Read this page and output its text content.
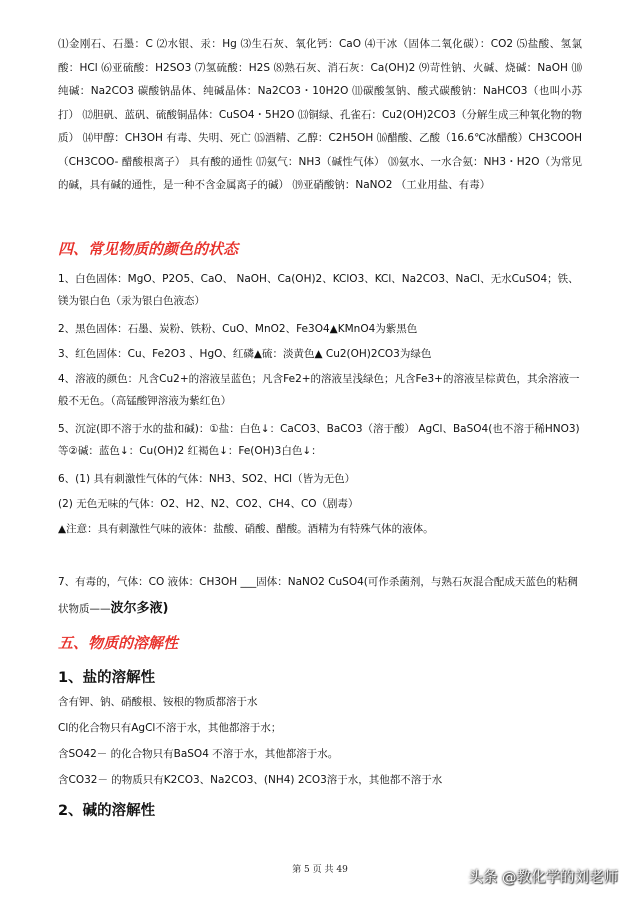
⑴金刚石、石墨：C ⑵水银、汞：Hg ⑶生石灰、氧化钙：CaO ⑷干冰（固体二氧化碳）：CO2 ⑸盐酸、氢氯酸：HCl ⑹亚硫酸：H2SO3 ⑺氢硫酸：H2S ⑻熟石灰、消石灰：Ca(OH)2 ⑼苛性钠、火碱、烧碱：NaOH ⑽纯碱：Na2CO3 碳酸钠晶体、纯碱晶体：Na2CO3・10H2O ⑾碳酸氢钠、酸式碳酸钠：NaHCO3（也叫小苏打） ⑿胆矾、蓝矾、硫酸铜晶体：CuSO4・5H2O ⒀铜绿、孔雀石：Cu2(OH)2CO3（分解生成三种氧化物的物质） ⒁甲醇：CH3OH 有毒、失明、死亡 ⒂酒精、乙醇：C2H5OH ⒃醋酸、乙酸（16.6℃冰醋酸）CH3COOH（CH3COO- 醋酸根离子） 具有酸的通性 ⒄氨气：NH3（碱性气体） ⒅氨水、一水合氨：NH3・H2O（为常见的碱，具有碱的通性，是一种不含金属离子的碱） ⒆亚硝酸钠：NaNO2 （工业用盐、有毒）
四、常见物质的颜色的状态
1、白色固体：MgO、P2O5、CaO、 NaOH、Ca(OH)2、KClO3、KCl、Na2CO3、NaCl、无水CuSO4；铁、镁为银白色（汞为银白色液态）
2、黑色固体：石墨、炭粉、铁粉、CuO、MnO2、Fe3O4▲KMnO4为紫黑色
3、红色固体：Cu、Fe2O3 、HgO、红磷▲硫：淡黄色▲ Cu2(OH)2CO3为绿色
4、溶液的颜色：凡含Cu2+的溶液呈蓝色；凡含Fe2+的溶液呈浅绿色；凡含Fe3+的溶液呈棕黄色，其余溶液一般不无色。（高锰酸钾溶液为紫红色）
5、沉淀(即不溶于水的盐和碱)：①盐：白色↓：CaCO3、BaCO3（溶于酸） AgCl、BaSO4(也不溶于稀HNO3)等②碱：蓝色↓：Cu(OH)2 红褐色↓：Fe(OH)3白色↓：
6、(1) 具有刺激性气体的气体：NH3、SO2、HCl（皆为无色）
(2) 无色无味的气体：O2、H2、N2、CO2、CH4、CO（剧毒）
▲注意：具有刺激性气味的液体：盐酸、硝酸、醋酸。酒精为有特殊气体的液体。
7、有毒的，气体：CO 液体：CH3OH ___固体：NaNO2 CuSO4(可作杀菌剂，与熟石灰混合配成天蓝色的粘稠
状物质——波尔多液)
五、物质的溶解性
1、盐的溶解性
含有钾、钠、硝酸根、铵根的物质都溶于水
Cl的化合物只有AgCl不溶于水，其他都溶于水；
含SO42－ 的化合物只有BaSO4 不溶于水，其他都溶于水。
含CO32－ 的物质只有K2CO3、Na2CO3、(NH4) 2CO3溶于水，其他都不溶于水
2、碱的溶解性
第 5 页 共 49	头条 @教化学的刘老师
